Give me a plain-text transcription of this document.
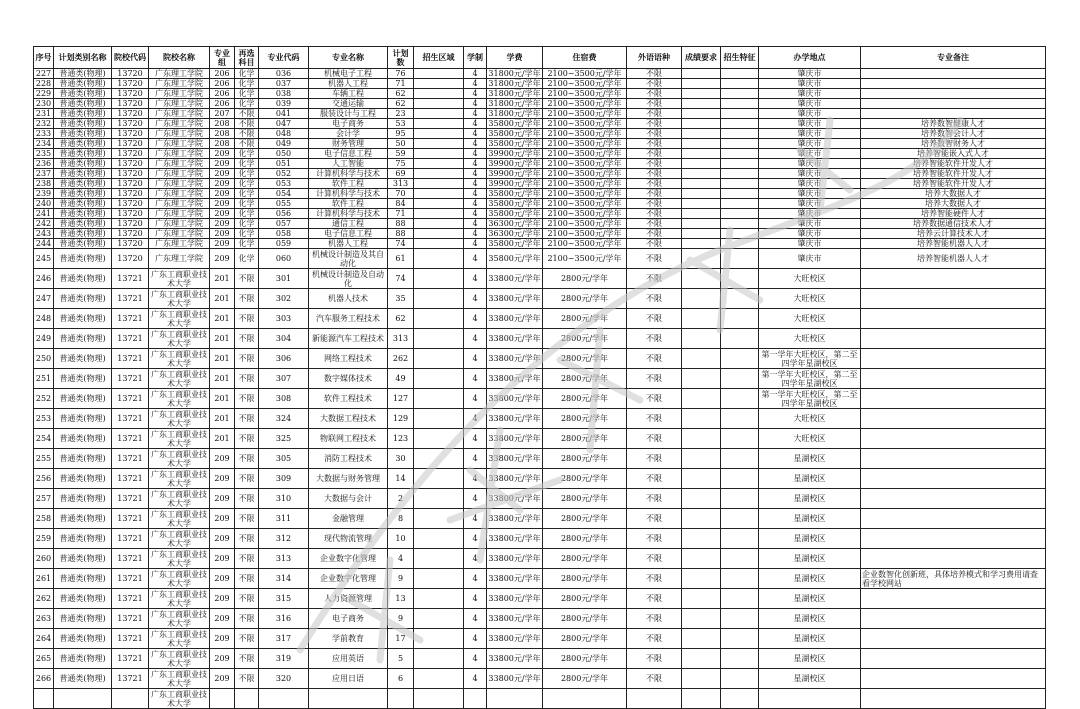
序号	计划类别名称	院校代码	院校名称	专业组	再选科目	专业代码	专业名称	计划数	招生区域	学制	学费	住宿费	外语语种	成绩要求	招生特征	办学地点	专业备注
227	普通类(物理)	13720	广东理工学院	206	化学	036	机械电子工程	76		4	31800元/学年	2100~3500元/学年	不限			肇庆市	
228	普通类(物理)	13720	广东理工学院	206	化学	037	机器人工程	71		4	31800元/学年	2100~3500元/学年	不限			肇庆市	
229	普通类(物理)	13720	广东理工学院	206	化学	038	车辆工程	62		4	31800元/学年	2100~3500元/学年	不限			肇庆市	
230	普通类(物理)	13720	广东理工学院	206	化学	039	交通运输	62		4	31800元/学年	2100~3500元/学年	不限			肇庆市	
231	普通类(物理)	13720	广东理工学院	207	不限	041	服装设计与工程	23		4	31800元/学年	2100~3500元/学年	不限			肇庆市	
232	普通类(物理)	13720	广东理工学院	208	不限	047	电子商务	53		4	35800元/学年	2100~3500元/学年	不限			肇庆市	培养数智健康人才
233	普通类(物理)	13720	广东理工学院	208	不限	048	会计学	95		4	35800元/学年	2100~3500元/学年	不限			肇庆市	培养数智会计人才
234	普通类(物理)	13720	广东理工学院	208	不限	049	财务管理	50		4	35800元/学年	2100~3500元/学年	不限			肇庆市	培养数智财务人才
235	普通类(物理)	13720	广东理工学院	209	化学	050	电子信息工程	59		4	39900元/学年	2100~3500元/学年	不限			肇庆市	培养智能嵌入式人才
236	普通类(物理)	13720	广东理工学院	209	化学	051	人工智能	75		4	39900元/学年	2100~3500元/学年	不限			肇庆市	培养智能软件开发人才
237	普通类(物理)	13720	广东理工学院	209	化学	052	计算机科学与技术	69		4	39900元/学年	2100~3500元/学年	不限			肇庆市	培养智能软件开发人才
238	普通类(物理)	13720	广东理工学院	209	化学	053	软件工程	313		4	39900元/学年	2100~3500元/学年	不限			肇庆市	培养智能软件开发人才
239	普通类(物理)	13720	广东理工学院	209	化学	054	计算机科学与技术	70		4	35800元/学年	2100~3500元/学年	不限			肇庆市	培养大数据人才
240	普通类(物理)	13720	广东理工学院	209	化学	055	软件工程	84		4	35800元/学年	2100~3500元/学年	不限			肇庆市	培养大数据人才
241	普通类(物理)	13720	广东理工学院	209	化学	056	计算机科学与技术	71		4	35800元/学年	2100~3500元/学年	不限			肇庆市	培养智能硬件人才
242	普通类(物理)	13720	广东理工学院	209	化学	057	通信工程	88		4	36300元/学年	2100~3500元/学年	不限			肇庆市	培养数据通信技术人才
243	普通类(物理)	13720	广东理工学院	209	化学	058	电子信息工程	88		4	36300元/学年	2100~3500元/学年	不限			肇庆市	培养云计算技术人才
244	普通类(物理)	13720	广东理工学院	209	化学	059	机器人工程	74		4	35800元/学年	2100~3500元/学年	不限			肇庆市	培养智能机器人人才
245	普通类(物理)	13720	广东理工学院	209	化学	060	机械设计制造及其自动化	61		4	35800元/学年	2100~3500元/学年	不限			肇庆市	培养智能机器人人才
246	普通类(物理)	13721	广东工商职业技术大学	201	不限	301	机械设计制造及自动化	74		4	33800元/学年	2800元/学年	不限			大旺校区	
247	普通类(物理)	13721	广东工商职业技术大学	201	不限	302	机器人技术	35		4	33800元/学年	2800元/学年	不限			大旺校区	
248	普通类(物理)	13721	广东工商职业技术大学	201	不限	303	汽车服务工程技术	62		4	33800元/学年	2800元/学年	不限			大旺校区	
249	普通类(物理)	13721	广东工商职业技术大学	201	不限	304	新能源汽车工程技术	313		4	33800元/学年	2800元/学年	不限			大旺校区	
250	普通类(物理)	13721	广东工商职业技术大学	201	不限	306	网络工程技术	262		4	33800元/学年	2800元/学年	不限			第一学年大旺校区，第二至四学年星湖校区	
251	普通类(物理)	13721	广东工商职业技术大学	201	不限	307	数字媒体技术	49		4	33800元/学年	2800元/学年	不限			第一学年大旺校区，第二至四学年星湖校区	
252	普通类(物理)	13721	广东工商职业技术大学	201	不限	308	软件工程技术	127		4	33800元/学年	2800元/学年	不限			第一学年大旺校区，第二至四学年星湖校区	
253	普通类(物理)	13721	广东工商职业技术大学	201	不限	324	大数据工程技术	129		4	33800元/学年	2800元/学年	不限			大旺校区	
254	普通类(物理)	13721	广东工商职业技术大学	201	不限	325	物联网工程技术	123		4	33800元/学年	2800元/学年	不限			大旺校区	
255	普通类(物理)	13721	广东工商职业技术大学	209	不限	305	消防工程技术	30		4	33800元/学年	2800元/学年	不限			星湖校区	
256	普通类(物理)	13721	广东工商职业技术大学	209	不限	309	大数据与财务管理	14		4	33800元/学年	2800元/学年	不限			星湖校区	
257	普通类(物理)	13721	广东工商职业技术大学	209	不限	310	大数据与会计	2		4	33800元/学年	2800元/学年	不限			星湖校区	
258	普通类(物理)	13721	广东工商职业技术大学	209	不限	311	金融管理	8		4	33800元/学年	2800元/学年	不限			星湖校区	
259	普通类(物理)	13721	广东工商职业技术大学	209	不限	312	现代物流管理	10		4	33800元/学年	2800元/学年	不限			星湖校区	
260	普通类(物理)	13721	广东工商职业技术大学	209	不限	313	企业数字化管理	4		4	33800元/学年	2800元/学年	不限			星湖校区	
261	普通类(物理)	13721	广东工商职业技术大学	209	不限	314	企业数字化管理	9		4	33800元/学年	2800元/学年	不限			星湖校区	企业数智化创新班，具体培养模式和学习费用请查看学校网站
262	普通类(物理)	13721	广东工商职业技术大学	209	不限	315	人力资源管理	13		4	33800元/学年	2800元/学年	不限			星湖校区	
263	普通类(物理)	13721	广东工商职业技术大学	209	不限	316	电子商务	9		4	33800元/学年	2800元/学年	不限			星湖校区	
264	普通类(物理)	13721	广东工商职业技术大学	209	不限	317	学前教育	17		4	33800元/学年	2800元/学年	不限			星湖校区	
265	普通类(物理)	13721	广东工商职业技术大学	209	不限	319	应用英语	5		4	33800元/学年	2800元/学年	不限			星湖校区	
266	普通类(物理)	13721	广东工商职业技术大学	209	不限	320	应用日语	6		4	33800元/学年	2800元/学年	不限			星湖校区	
			广东工商职业技术大学														
